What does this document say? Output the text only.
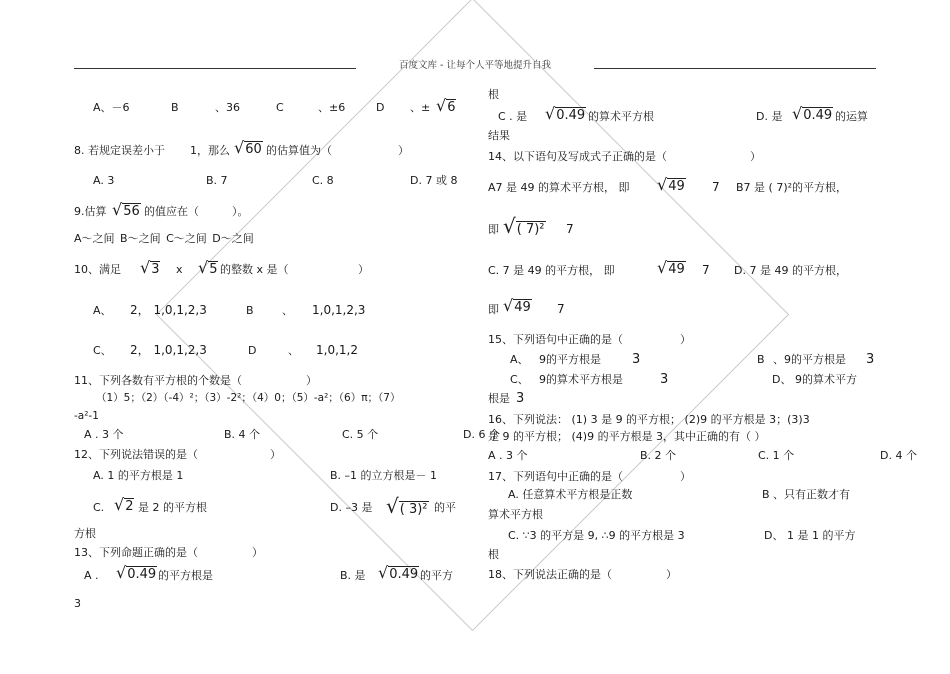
百度文库 - 让每个人平等地提升自我
A、－6	B	、36	C	、±6	D 、± √6
8. 若规定误差小于 1，那么 √60 的估算值为（	）
A. 3	B. 7	C. 8	D. 7 或 8
9.估算 √56 的值应在（	）。
A～之间 B～之间 C～之间 D～之间
10、满足 √3 x √5 的整数 x 是（	）
A、 2， 1,0,1,2,3	B	、 1,0,1,2,3
C、 2， 1,0,1,2,3	D	、 1,0,1,2
11、下列各数有平方根的个数是（	）
（1）5；（2）（-4）²；（3）-2²；（4）0；（5）-a²；（6）π；（7）
-a²-1
A . 3 个	B. 4 个	C. 5 个	D. 6 个
12、下列说法错误的是（	）
A. 1 的平方根是 1	B. –1 的立方根是－ 1
C. √2 是 2 的平方根	D. –3 是 √( 3)² 的平
方根
13、下列命题正确的是（	）
A . √0.49 的平方根是	B. 是 √0.49 的平方
3
根
C . 是 √0.49 的算术平方根	D. 是 √0.49 的运算
结果
14、以下语句及写成式子正确的是（	）
A7 是 49 的算术平方根， 即 √49 7 B7 是 ( 7)²的平方根，
即 √( 7)² 7
C. 7 是 49 的平方根， 即	√49 7 D. 7 是 49 的平方根，
即 √49 7
15、下列语句中正确的是（	）
A、 9的平方根是 3	B 、9的平方根是 3
C、 9的算术平方根是	3	D、 9的算术平方
根是 3
16、下列说法： (1) 3 是 9 的平方根； (2)9 的平方根是 3；(3)3
是 9 的平方根； (4)9 的平方根是 3，其中正确的有（ ）
A . 3 个	B. 2 个	C. 1 个	D. 4 个
17、下列语句中正确的是（	）
A. 任意算术平方根是正数	B 、只有正数才有
算术平方根
C. ∵3 的平方是 9, ∴9 的平方根是 3	D、 1 是 1 的平方
根
18、下列说法正确的是（	）
